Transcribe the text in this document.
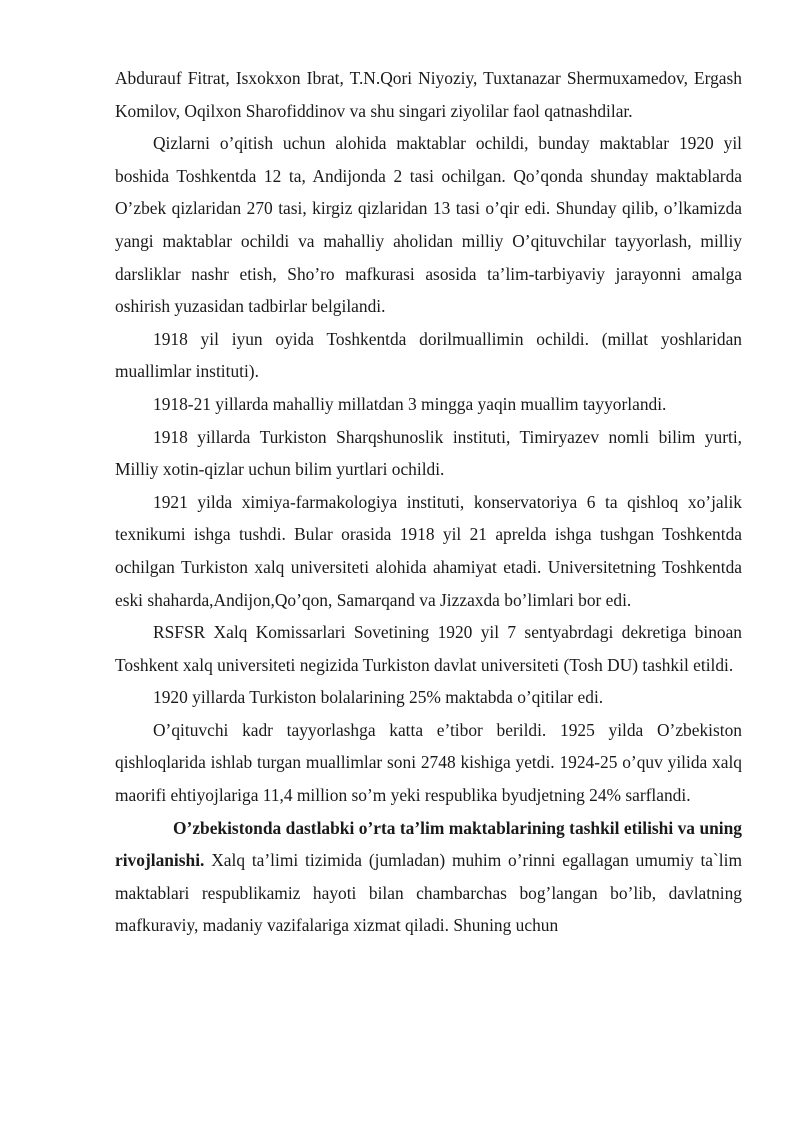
Abdurauf Fitrat, Isxokxon Ibrat, T.N.Qori Niyoziy, Tuxtanazar Shermuxamedov, Ergash Komilov, Oqilxon Sharofiddinov va shu singari ziyolilar faol qatnashdilar.

Qizlarni o’qitish uchun alohida maktablar ochildi, bunday maktablar 1920 yil boshida Toshkentda 12 ta, Andijonda 2 tasi ochilgan. Qo’qonda shunday maktablarda O’zbek qizlaridan 270 tasi, kirgiz qizlaridan 13 tasi o’qir edi. Shunday qilib, o’lkamizda yangi maktablar ochildi va mahalliy aholidan milliy O’qituvchilar tayyorlash, milliy darsliklar nashr etish, Sho’ro mafkurasi asosida ta’lim-tarbiyaviy jarayonni amalga oshirish yuzasidan tadbirlar belgilandi.

1918 yil iyun oyida Toshkentda dorilmuallimin ochildi. (millat yoshlaridan muallimlar instituti).

1918-21 yillarda mahalliy millatdan 3 mingga yaqin muallim tayyorlandi.

1918 yillarda Turkiston Sharqshunoslik instituti, Timiryazev nomli bilim yurti, Milliy xotin-qizlar uchun bilim yurtlari ochildi.

1921 yilda ximiya-farmakologiya instituti, konservatoriya 6 ta qishloq xo’jalik texnikumi ishga tushdi. Bular orasida 1918 yil 21 aprelda ishga tushgan Toshkentda ochilgan Turkiston xalq universiteti alohida ahamiyat etadi. Universitetning Toshkentda eski shaharda,Andijon,Qo’qon, Samarqand va Jizzaxda bo’limlari bor edi.

RSFSR Xalq Komissarlari Sovetining 1920 yil 7 sentyabrdagi dekretiga binoan Toshkent xalq universiteti negizida Turkiston davlat universiteti (Tosh DU) tashkil etildi.

1920 yillarda Turkiston bolalarining 25% maktabda o’qitilar edi.

O’qituvchi kadr tayyorlashga katta e’tibor berildi. 1925 yilda O’zbekiston qishloqlarida ishlab turgan muallimlar soni 2748 kishiga yetdi. 1924-25 o’quv yilida xalq maorifi ehtiyojlariga 11,4 million so’m yeki respublika byudjetning 24% sarflandi.

O’zbekistonda dastlabki o’rta ta’lim maktablarining tashkil etilishi va uning rivojlanishi. Xalq ta’limi tizimida (jumladan) muhim o’rinni egallagan umumiy ta`lim maktablari respublikamiz hayoti bilan chambarchas bog’langan bo’lib, davlatning mafkuraviy, madaniy vazifalariga xizmat qiladi. Shuning uchun
